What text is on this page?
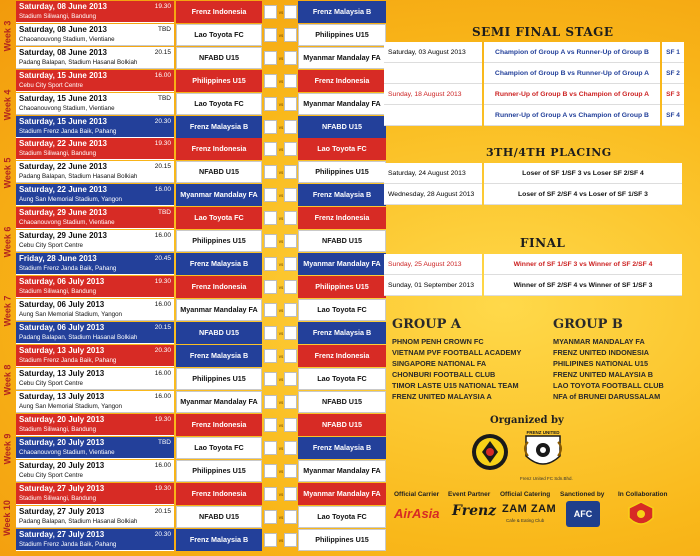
Week 3
Saturday, 08 June 2013
Stadium Siliwangi, Bandung
19.30
Frenz Indonesia	vs	Frenz Malaysia B
Saturday, 08 June 2013
Chaoanouvong Stadium, Vientiane
TBD
Lao Toyota FC	vs	Philippines U15
Saturday, 08 June 2013
Padang Balapan, Stadium Hasanal Bolkiah
20.15
NFABD U15	vs	Myanmar Mandalay FA
Week 4
Saturday, 15 June 2013
Cebu City Sport Centre
16.00
Philippines U15	vs	Frenz Indonesia
Saturday, 15 June 2013
Chaoanouvong Stadium, Vientiane
TBD
Lao Toyota FC	vs	Myanmar Mandalay FA
Saturday, 15 June 2013
Stadium Frenz Janda Baik, Pahang
20.30
Frenz Malaysia B	vs	NFABD U15
Week 5
Saturday, 22 June 2013
Stadium Siliwangi, Bandung
19.30
Frenz Indonesia	vs	Lao Toyota FC
Saturday, 22 June 2013
Padang Balapan, Stadium Hasanal Bolkiah
20.15
NFABD U15	vs	Philippines U15
Saturday, 22 June 2013
Aung San Memorial Stadium, Yangon
16.00
Myanmar Mandalay FA	vs	Frenz Malaysia B
Week 6
Saturday, 29 June 2013
Chaoanouvong Stadium, Vientiane
TBD
Lao Toyota FC	vs	Frenz Indonesia
Saturday, 29 June 2013
Cebu City Sport Centre
16.00
Philippines U15	vs	NFABD U15
Friday, 28 June 2013
Stadium Frenz Janda Baik, Pahang
20.45
Frenz Malaysia B	vs	Myanmar Mandalay FA
Week 7
Saturday, 06 July 2013
Stadium Siliwangi, Bandung
19.30
Frenz Indonesia	vs	Philippines U15
Saturday, 06 July 2013
Aung San Memorial Stadium, Yangon
16.00
Myanmar Mandalay FA	vs	Lao Toyota FC
Saturday, 06 July 2013
Padang Balapan, Stadium Hasanal Bolkiah
20.15
NFABD U15	vs	Frenz Malaysia B
Week 8
Saturday, 13 July 2013
Stadium Frenz Janda Baik, Pahang
20.30
Frenz Malaysia B	vs	Frenz Indonesia
Saturday, 13 July 2013
Cebu City Sport Centre
16.00
Philippines U15	vs	Lao Toyota FC
Saturday, 13 July 2013
Aung San Memorial Stadium, Yangon
16.00
Myanmar Mandalay FA	vs	NFABD U15
Week 9
Saturday, 20 July 2013
Stadium Siliwangi, Bandung
19.30
Frenz Indonesia	vs	NFABD U15
Saturday, 20 July 2013
Chaoanouvong Stadium, Vientiane
TBD
Lao Toyota FC	vs	Frenz Malaysia B
Saturday, 20 July 2013
Cebu City Sport Centre
16.00
Philippines U15	vs	Myanmar Mandalay FA
Week 10
Saturday, 27 July 2013
Stadium Siliwangi, Bandung
19.30
Frenz Indonesia	vs	Myanmar Mandalay FA
Saturday, 27 July 2013
Padang Balapan, Stadium Hasanal Bolkiah
20.15
NFABD U15	vs	Lao Toyota FC
Saturday, 27 July 2013
Stadium Frenz Janda Baik, Pahang
20.30
Frenz Malaysia B	vs	Philippines U15
SEMI FINAL STAGE
Saturday, 03 August 2013	Champion of Group A vs Runner-Up of Group B	SF 1
Champion of Group B vs Runner-Up of Group A	SF 2
Sunday, 18 August 2013	Runner-Up of Group B vs Champion of Group A	SF 3
Runner-Up of Group A vs Champion of Group B	SF 4
3TH/4TH PLACING
Saturday, 24 August 2013	Loser of SF 1/SF 3 vs Loser SF 2/SF 4
Wednesday, 28 August 2013	Loser of SF 2/SF 4 vs Loser of SF 1/SF 3
FINAL
Sunday, 25 August 2013	Winner of SF 1/SF 3 vs Winner of SF 2/SF 4
Sunday, 01 September 2013	Winner of SF 2/SF 4 vs Winner of SF 1/SF 3
GROUP A
PHNOM PENH CROWN FC
VIETNAM PVF FOOTBALL ACADEMY
SINGAPORE NATIONAL FA
CHONBURI FOOTBALL CLUB
TIMOR LASTE U15 NATIONAL TEAM
FRENZ UNITED MALAYSIA A
GROUP B
MYANMAR MANDALAY FA
FRENZ UNITED INDONESIA
PHILIPINES NATIONAL U15
FRENZ UNITED MALAYSIA B
LAO TOYOTA FOOTBALL CLUB
NFA of BRUNEI DARUSSALAM
Organized by
FRENZ UNITED
Frenz United FC Sdn.Bhd.
Official Carrier Event Partner Official Catering Sanctioned by In Collaboration
AirAsia Frenz ZAM ZAM
Cafe & Eating Club
AFC
